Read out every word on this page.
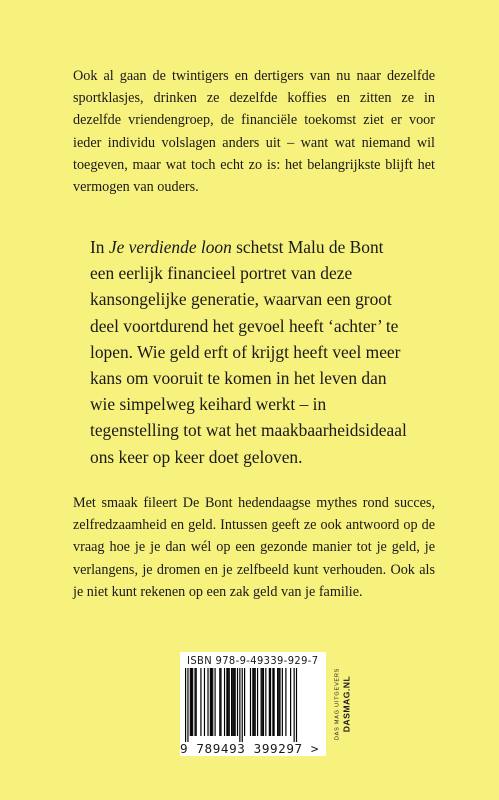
Ook al gaan de twintigers en dertigers van nu naar dezelfde sportklasjes, drinken ze dezelfde koffies en zitten ze in dezelfde vriendengroep, de financiële toekomst ziet er voor ieder individu volslagen anders uit – want wat niemand wil toegeven, maar wat toch echt zo is: het belangrijkste blijft het vermogen van ouders.

In Je verdiende loon schetst Malu de Bont een eerlijk financieel portret van deze kansongelijke generatie, waarvan een groot deel voortdurend het gevoel heeft ‘achter’ te lopen. Wie geld erft of krijgt heeft veel meer kans om vooruit te komen in het leven dan wie simpelweg keihard werkt – in tegenstelling tot wat het maakbaarheidsideaal ons keer op keer doet geloven.

Met smaak fileert De Bont hedendaagse mythes rond succes, zelfredzaamheid en geld. Intussen geeft ze ook antwoord op de vraag hoe je je dan wél op een gezonde manier tot je geld, je verlangens, je dromen en je zelfbeeld kunt verhouden. Ook als je niet kunt rekenen op een zak geld van je familie.

ISBN 978-9-49339-929-7
9 789493 399297 >
DAS MAG UITGEVERS DASMAG.NL
